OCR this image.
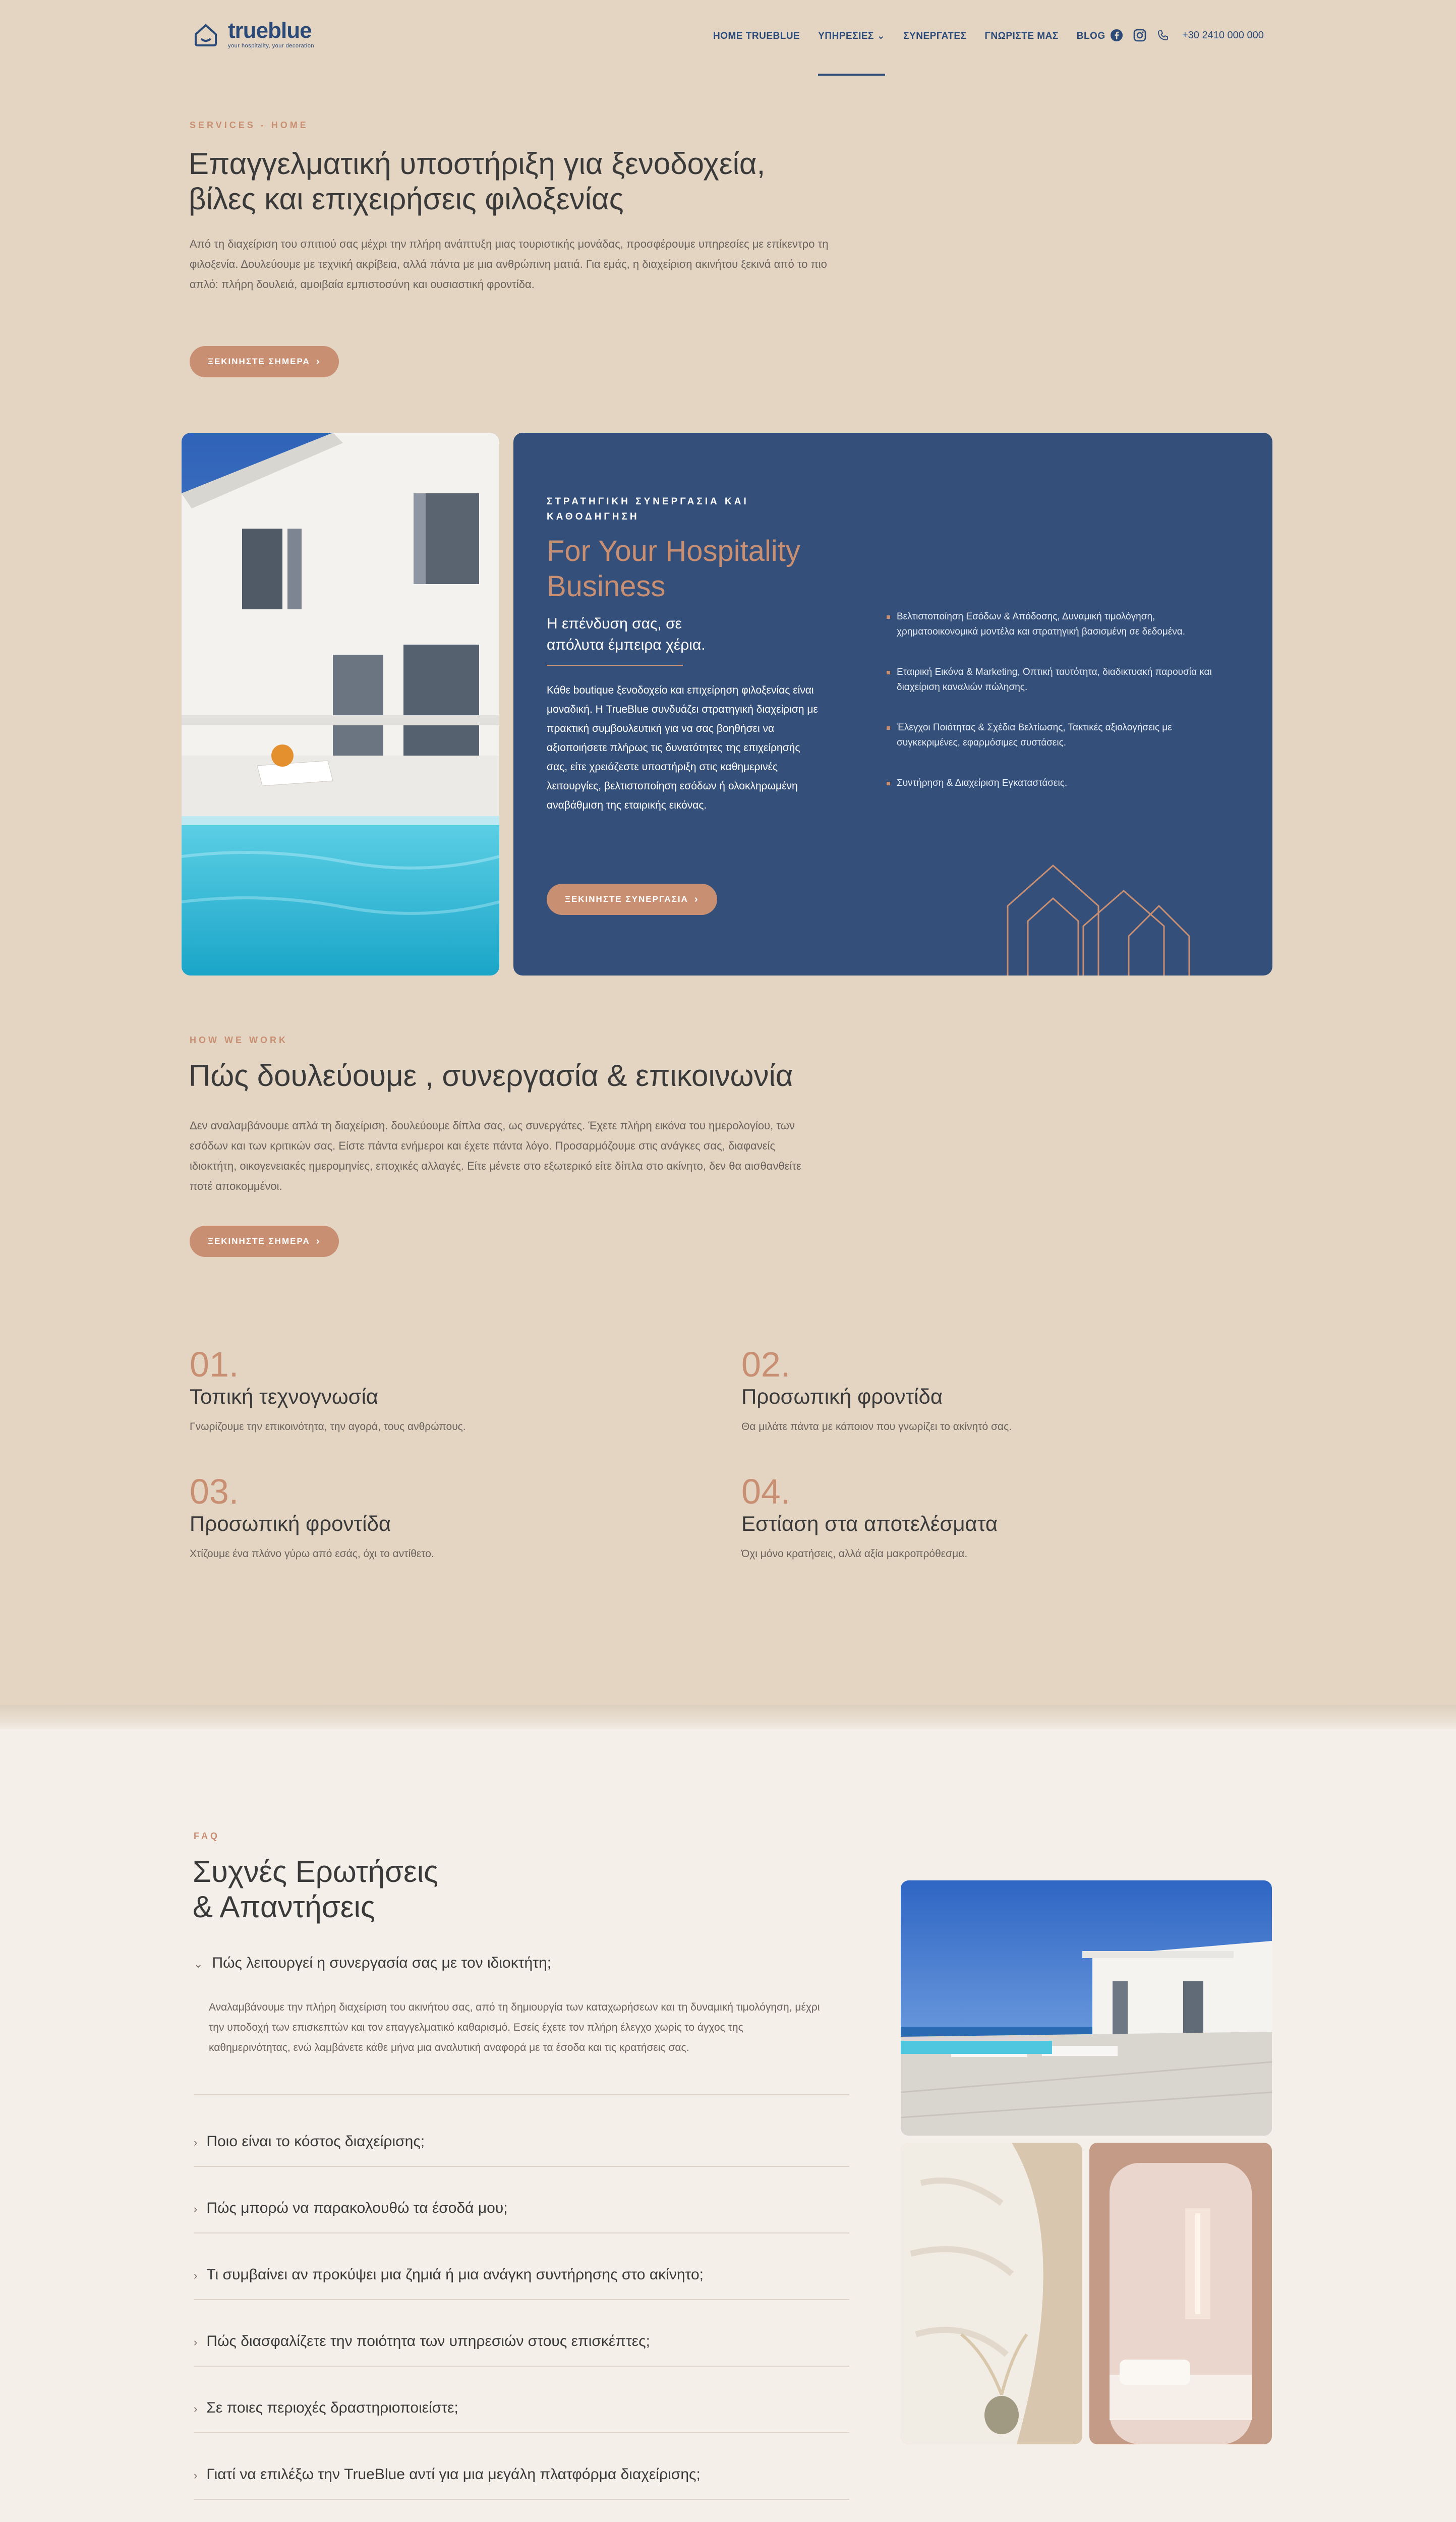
trueblue
your hospitality, your decoration
HOME TRUEBLUE ΥΠΗΡΕΣΙΕΣ ⌄ ΣΥΝΕΡΓΑΤΕΣ ΓΝΩΡΙΣΤΕ ΜΑΣ BLOG	+30 2410 000 000
SERVICES - HOME
Επαγγελματική υποστήριξη για ξενοδοχεία, βίλες και επιχειρήσεις φιλοξενίας

Από τη διαχείριση του σπιτιού σας μέχρι την πλήρη ανάπτυξη μιας τουριστικής μονάδας, προσφέρουμε υπηρεσίες με επίκεντρο τη φιλοξενία. Δουλεύουμε με τεχνική ακρίβεια, αλλά πάντα με μια ανθρώπινη ματιά. Για εμάς, η διαχείριση ακινήτου ξεκινά από το πιο απλό: πλήρη δουλειά, αμοιβαία εμπιστοσύνη και ουσιαστική φροντίδα.

ΞΕΚΙΝΗΣΤΕ ΣΗΜΕΡΑ ›
ΣΤΡΑΤΗΓΙΚΗ ΣΥΝΕΡΓΑΣΙΑ ΚΑΙ ΚΑΘΟΔΗΓΗΣΗ
For Your Hospitality Business
Η επένδυση σας, σε απόλυτα έμπειρα χέρια.
Κάθε boutique ξενοδοχείο και επιχείρηση φιλοξενίας είναι μοναδική. Η TrueBlue συνδυάζει στρατηγική διαχείριση με πρακτική συμβουλευτική για να σας βοηθήσει να αξιοποιήσετε πλήρως τις δυνατότητες της επιχείρησής σας, είτε χρειάζεστε υποστήριξη στις καθημερινές λειτουργίες, βελτιστοποίηση εσόδων ή ολοκληρωμένη αναβάθμιση της εταιρικής εικόνας.
ΞΕΚΙΝΗΣΤΕ ΣΥΝΕΡΓΑΣΙΑ ›
Βελτιστοποίηση Εσόδων & Απόδοσης, Δυναμική τιμολόγηση, χρηματοοικονομικά μοντέλα και στρατηγική βασισμένη σε δεδομένα.
Εταιρική Εικόνα & Marketing, Οπτική ταυτότητα, διαδικτυακή παρουσία και διαχείριση καναλιών πώλησης.
Έλεγχοι Ποιότητας & Σχέδια Βελτίωσης, Τακτικές αξιολογήσεις με συγκεκριμένες, εφαρμόσιμες συστάσεις.
Συντήρηση & Διαχείριση Εγκαταστάσεις.
HOW WE WORK
Πώς δουλεύουμε , συνεργασία & επικοινωνία

Δεν αναλαμβάνουμε απλά τη διαχείριση. δουλεύουμε δίπλα σας, ως συνεργάτες. Έχετε πλήρη εικόνα του ημερολογίου, των εσόδων και των κριτικών σας. Είστε πάντα ενήμεροι και έχετε πάντα λόγο. Προσαρμόζουμε στις ανάγκες σας, διαφανείς ιδιοκτήτη, οικογενειακές ημερομηνίες, εποχικές αλλαγές. Είτε μένετε στο εξωτερικό είτε δίπλα στο ακίνητο, δεν θα αισθανθείτε ποτέ αποκομμένοι.

ΞΕΚΙΝΗΣΤΕ ΣΗΜΕΡΑ ›
01.
Τοπική τεχνογνωσία
Γνωρίζουμε την επικοινότητα, την αγορά, τους ανθρώπους.
02.
Προσωπική φροντίδα
Θα μιλάτε πάντα με κάποιον που γνωρίζει το ακίνητό σας.
03.
Προσωπική φροντίδα
Χτίζουμε ένα πλάνο γύρω από εσάς, όχι το αντίθετο.
04.
Εστίαση στα αποτελέσματα
Όχι μόνο κρατήσεις, αλλά αξία μακροπρόθεσμα.
FAQ
Συχνές Ερωτήσεις
& Απαντήσεις
⌄ Πώς λειτουργεί η συνεργασία σας με τον ιδιοκτήτη;
Αναλαμβάνουμε την πλήρη διαχείριση του ακινήτου σας, από τη δημιουργία των καταχωρήσεων και τη δυναμική τιμολόγηση, μέχρι την υποδοχή των επισκεπτών και τον επαγγελματικό καθαρισμό. Εσείς έχετε τον πλήρη έλεγχο χωρίς το άγχος της καθημερινότητας, ενώ λαμβάνετε κάθε μήνα μια αναλυτική αναφορά με τα έσοδα και τις κρατήσεις σας.
› Ποιο είναι το κόστος διαχείρισης;
› Πώς μπορώ να παρακολουθώ τα έσοδά μου;
› Τι συμβαίνει αν προκύψει μια ζημιά ή μια ανάγκη συντήρησης στο ακίνητο;
› Πώς διασφαλίζετε την ποιότητα των υπηρεσιών στους επισκέπτες;
› Σε ποιες περιοχές δραστηριοποιείστε;
› Γιατί να επιλέξω την TrueBlue αντί για μια μεγάλη πλατφόρμα διαχείρισης;
